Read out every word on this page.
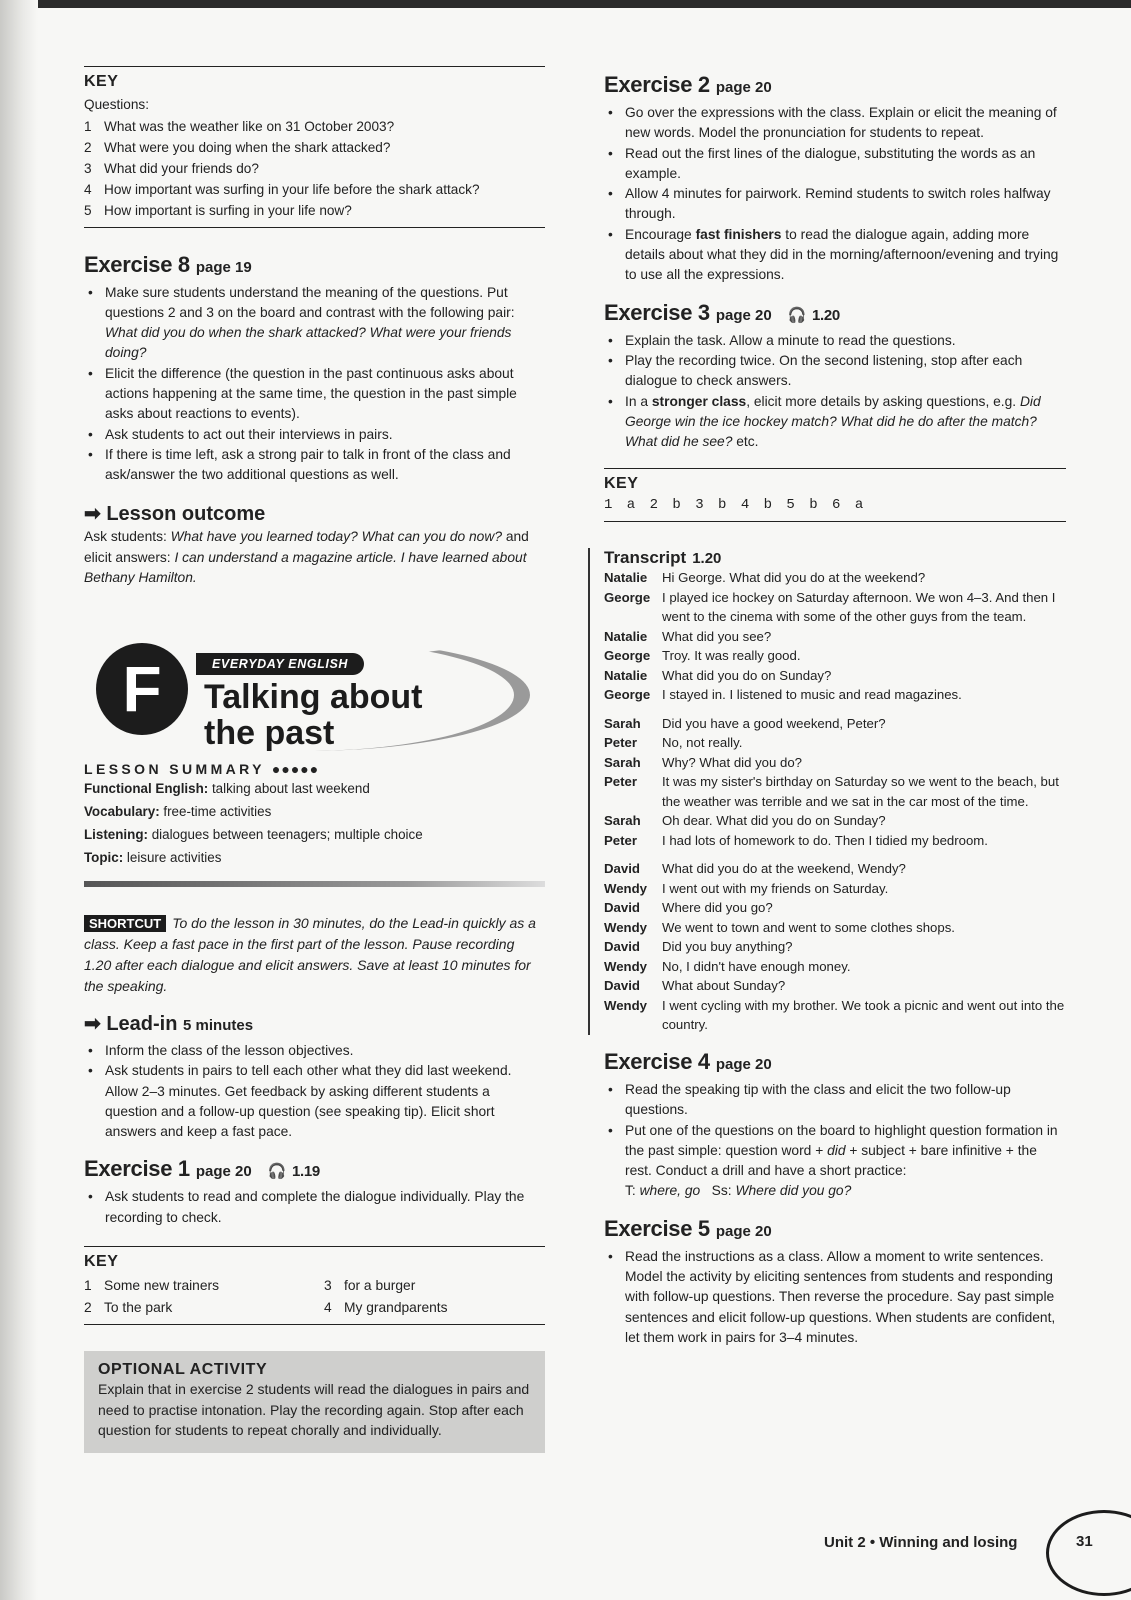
KEY
Questions:
1 What was the weather like on 31 October 2003?
2 What were you doing when the shark attacked?
3 What did your friends do?
4 How important was surfing in your life before the shark attack?
5 How important is surfing in your life now?
Exercise 8 page 19
• Make sure students understand the meaning of the questions. Put questions 2 and 3 on the board and contrast with the following pair: What did you do when the shark attacked? What were your friends doing?
• Elicit the difference (the question in the past continuous asks about actions happening at the same time, the question in the past simple asks about reactions to events).
• Ask students to act out their interviews in pairs.
• If there is time left, ask a strong pair to talk in front of the class and ask/answer the two additional questions as well.
➡ Lesson outcome
Ask students: What have you learned today? What can you do now? and elicit answers: I can understand a magazine article. I have learned about Bethany Hamilton.
F	EVERYDAY ENGLISH
Talking about
the past
LESSON SUMMARY ●●●●●
Functional English: talking about last weekend
Vocabulary: free-time activities
Listening: dialogues between teenagers; multiple choice
Topic: leisure activities
SHORTCUT To do the lesson in 30 minutes, do the Lead-in quickly as a class. Keep a fast pace in the first part of the lesson. Pause recording 1.20 after each dialogue and elicit answers. Save at least 10 minutes for the speaking.
➡ Lead-in 5 minutes
• Inform the class of the lesson objectives.
• Ask students in pairs to tell each other what they did last weekend. Allow 2–3 minutes. Get feedback by asking different students a question and a follow-up question (see speaking tip). Elicit short answers and keep a fast pace.
Exercise 1 page 20 🎧 1.19
• Ask students to read and complete the dialogue individually. Play the recording to check.
KEY
1 Some new trainers	3 for a burger
2 To the park	4 My grandparents
OPTIONAL ACTIVITY
Explain that in exercise 2 students will read the dialogues in pairs and need to practise intonation. Play the recording again. Stop after each question for students to repeat chorally and individually.
Exercise 2 page 20
• Go over the expressions with the class. Explain or elicit the meaning of new words. Model the pronunciation for students to repeat.
• Read out the first lines of the dialogue, substituting the words as an example.
• Allow 4 minutes for pairwork. Remind students to switch roles halfway through.
• Encourage fast finishers to read the dialogue again, adding more details about what they did in the morning/afternoon/evening and trying to use all the expressions.
Exercise 3 page 20 🎧 1.20
• Explain the task. Allow a minute to read the questions.
• Play the recording twice. On the second listening, stop after each dialogue to check answers.
• In a stronger class, elicit more details by asking questions, e.g. Did George win the ice hockey match? What did he do after the match? What did he see? etc.
KEY
1 a 2 b 3 b 4 b 5 b 6 a
Transcript 1.20
Natalie	Hi George. What did you do at the weekend?
George I played ice hockey on Saturday afternoon. We won 4–3. And then I went to the cinema with some of the other guys from the team.
Natalie	What did you see?
George Troy. It was really good.
Natalie	What did you do on Sunday?
George I stayed in. I listened to music and read magazines.
Sarah	Did you have a good weekend, Peter?
Peter	No, not really.
Sarah	Why? What did you do?
Peter	It was my sister's birthday on Saturday so we went to the beach, but the weather was terrible and we sat in the car most of the time.
Sarah	Oh dear. What did you do on Sunday?
Peter	I had lots of homework to do. Then I tidied my bedroom.
David	What did you do at the weekend, Wendy?
Wendy	I went out with my friends on Saturday.
David	Where did you go?
Wendy	We went to town and went to some clothes shops.
David	Did you buy anything?
Wendy	No, I didn't have enough money.
David	What about Sunday?
Wendy	I went cycling with my brother. We took a picnic and went out into the country.
Exercise 4 page 20
• Read the speaking tip with the class and elicit the two follow-up questions.
• Put one of the questions on the board to highlight question formation in the past simple: question word + did + subject + bare infinitive + the rest. Conduct a drill and have a short practice:
T: where, go   Ss: Where did you go?
Exercise 5 page 20
• Read the instructions as a class. Allow a moment to write sentences. Model the activity by eliciting sentences from students and responding with follow-up questions. Then reverse the procedure. Say past simple sentences and elicit follow-up questions. When students are confident, let them work in pairs for 3–4 minutes.
Unit 2 • Winning and losing	31
